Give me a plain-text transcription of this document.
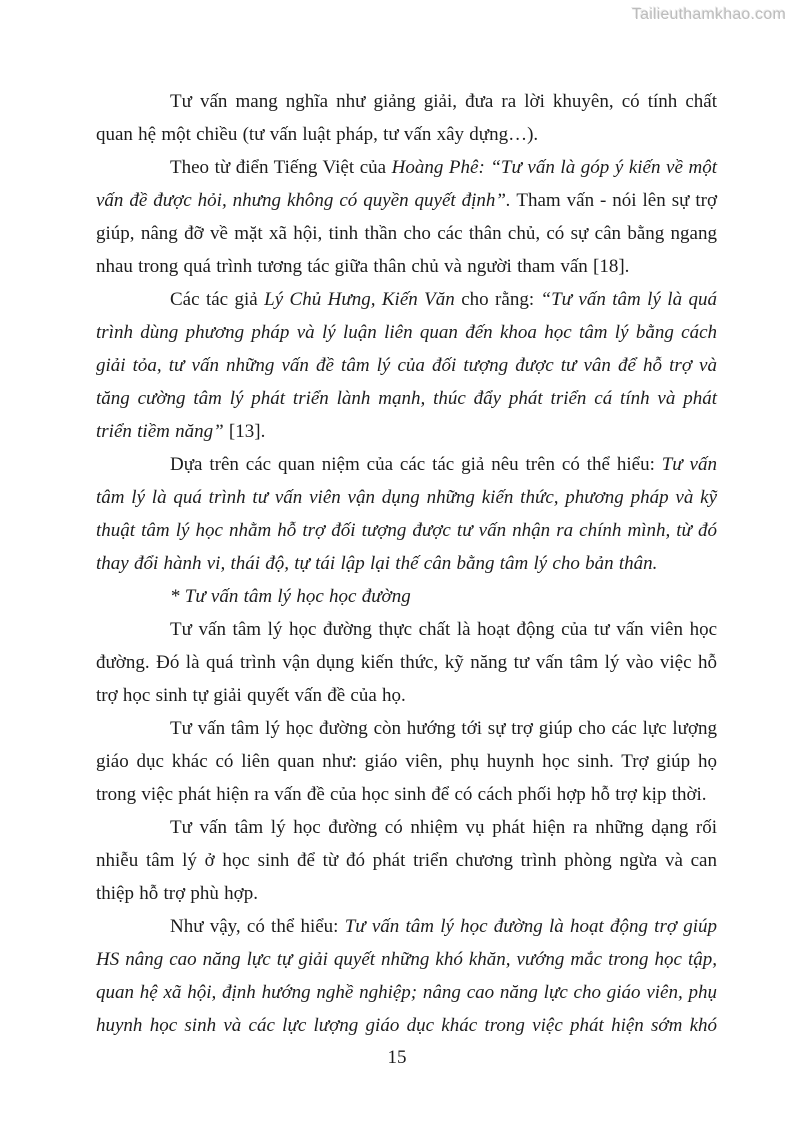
Tailieuthamkhao.com

Tư vấn mang nghĩa như giảng giải, đưa ra lời khuyên, có tính chất quan hệ một chiều (tư vấn luật pháp, tư vấn xây dựng…).

Theo từ điển Tiếng Việt của Hoàng Phê: “Tư vấn là góp ý kiến về một vấn đề được hỏi, nhưng không có quyền quyết định”. Tham vấn - nói lên sự trợ giúp, nâng đỡ về mặt xã hội, tinh thần cho các thân chủ, có sự cân bằng ngang nhau trong quá trình tương tác giữa thân chủ và người tham vấn [18].

Các tác giả Lý Chủ Hưng, Kiến Văn cho rằng: “Tư vấn tâm lý là quá trình dùng phương pháp và lý luận liên quan đến khoa học tâm lý bằng cách giải tỏa, tư vấn những vấn đề tâm lý của đối tượng được tư vân để hỗ trợ và tăng cường tâm lý phát triển lành mạnh, thúc đẩy phát triển cá tính và phát triển tiềm năng” [13].

Dựa trên các quan niệm của các tác giả nêu trên có thể hiểu: Tư vấn tâm lý là quá trình tư vấn viên vận dụng những kiến thức, phương pháp và kỹ thuật tâm lý học nhằm hỗ trợ đối tượng được tư vấn nhận ra chính mình, từ đó thay đổi hành vi, thái độ, tự tái lập lại thế cân bằng tâm lý cho bản thân.

* Tư vấn tâm lý học học đường

Tư vấn tâm lý học đường thực chất là hoạt động của tư vấn viên học đường. Đó là quá trình vận dụng kiến thức, kỹ năng tư vấn tâm lý vào việc hỗ trợ học sinh tự giải quyết vấn đề của họ.

Tư vấn tâm lý học đường còn hướng tới sự trợ giúp cho các lực lượng giáo dục khác có liên quan như: giáo viên, phụ huynh học sinh. Trợ giúp họ trong việc phát hiện ra vấn đề của học sinh để có cách phối hợp hỗ trợ kịp thời.

Tư vấn tâm lý học đường có nhiệm vụ phát hiện ra những dạng rối nhiễu tâm lý ở học sinh để từ đó phát triển chương trình phòng ngừa và can thiệp hỗ trợ phù hợp.

Như vậy, có thể hiểu: Tư vấn tâm lý học đường là hoạt động trợ giúp HS nâng cao năng lực tự giải quyết những khó khăn, vướng mắc trong học tập, quan hệ xã hội, định hướng nghề nghiệp; nâng cao năng lực cho giáo viên, phụ huynh học sinh và các lực lượng giáo dục khác trong việc phát hiện sớm khó

15
